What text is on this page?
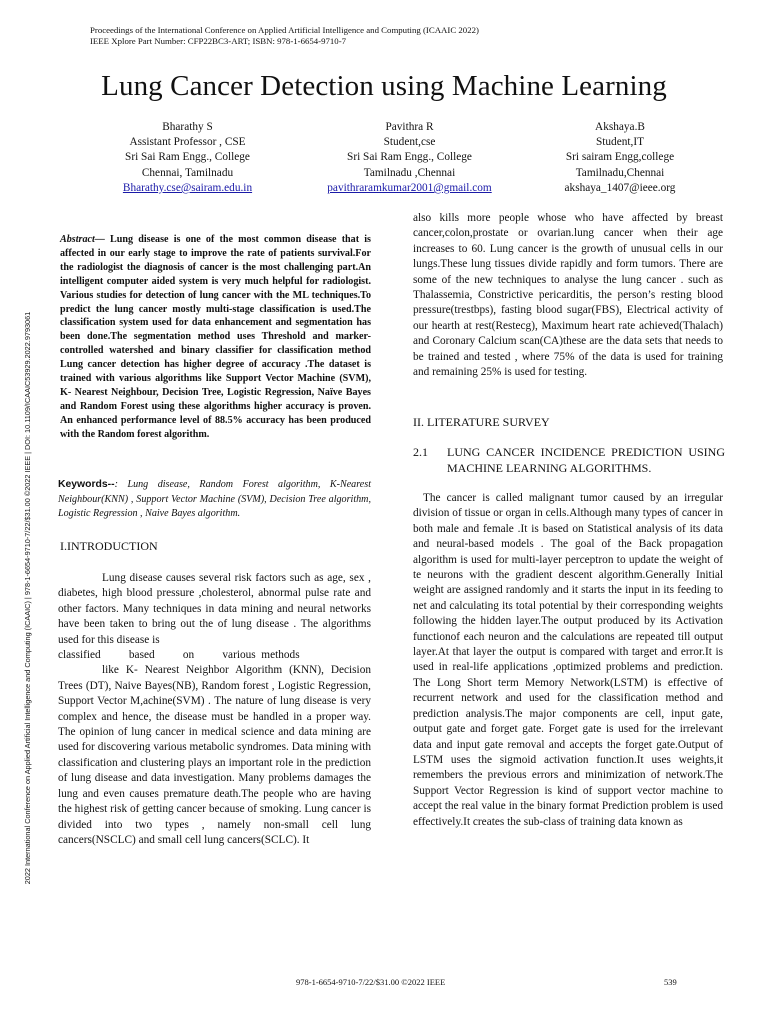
Proceedings of the International Conference on Applied Artificial Intelligence and Computing (ICAAIC 2022)
IEEE Xplore Part Number: CFP22BC3-ART; ISBN: 978-1-6654-9710-7
Lung Cancer Detection using Machine Learning
Bharathy S
Assistant Professor , CSE
Sri Sai Ram Engg., College
Chennai, Tamilnadu
Bharathy.cse@sairam.edu.in
Pavithra R
Student,cse
Sri Sai Ram Engg., College
Tamilnadu ,Chennai
pavithraramkumar2001@gmail.com
Akshaya.B
Student,IT
Sri sairam Engg,college
Tamilnadu,Chennai
akshaya_1407@ieee.org
2022 International Conference on Applied Artificial Intelligence and Computing (ICAAIC) | 978-1-6654-9710-7/22/$31.00 ©2022 IEEE | DOI: 10.1109/ICAAIC53929.2022.9793061
Abstract— Lung disease is one of the most common disease that is affected in our early stage to improve the rate of patients survival.For the radiologist the diagnosis of cancer is the most challenging part.An intelligent computer aided system is very much helpful for radiologist. Various studies for detection of lung cancer with the ML techniques.To predict the lung cancer mostly multi-stage classification is used.The classification system used for data enhancement and segmentation has been done.The segmentation method uses Threshold and marker-controlled watershed and binary classifier for classification method Lung cancer detection has higher degree of accuracy .The dataset is trained with various algorithms like Support Vector Machine (SVM), K- Nearest Neighbour, Decision Tree, Logistic Regression, Naïve Bayes and Random Forest using these algorithms higher accuracy is proven. An enhanced performance level of 88.5% accuracy has been produced with the Random forest algorithm.
Keywords--: Lung disease, Random Forest algorithm, K-Nearest Neighbour(KNN) , Support Vector Machine (SVM), Decision Tree algorithm, Logistic Regression , Naive Bayes algorithm.
I.INTRODUCTION

Lung disease causes several risk factors such as age, sex , diabetes, high blood pressure ,cholesterol, abnormal pulse rate and other factors. Many techniques in data mining and neural networks have been taken to bring out the of lung disease . The algorithms used for this disease is

classified          based          on          various  methods

like K- Nearest Neighbor Algorithm (KNN), Decision Trees (DT), Naive Bayes(NB), Random forest , Logistic Regression, Support Vector M,achine(SVM) . The nature of lung disease is very complex and hence, the disease must be handled in a proper way. The opinion of lung cancer in medical science and data mining are used for discovering various metabolic syndromes. Data mining with classification and clustering plays an important role in the prediction of lung disease and data investigation. Many problems damages the lung and even causes premature death.The people who are having the highest risk of getting cancer because of smoking. Lung cancer is divided into two types , namely non-small cell lung cancers(NSCLC) and small cell lung cancers(SCLC). It

also kills more people whose who have affected by breast cancer,colon,prostate or ovarian.lung cancer when their age increases to 60. Lung cancer is the growth of unusual cells in our lungs.These lung tissues divide rapidly and form tumors. There are some of the new techniques to analyse the lung cancer . such as Thalassemia, Constrictive pericarditis, the person’s resting blood pressure(trestbps), fasting blood sugar(FBS), Electrical activity of our hearth at rest(Restecg), Maximum heart rate achieved(Thalach) and Coronary Calcium scan(CA)these are the data sets that needs to be trained and tested , where 75% of the data is used for training and remaining 25% is used for testing.

II. LITERATURE SURVEY
2.1 LUNG CANCER INCIDENCE PREDICTION USING MACHINE LEARNING ALGORITHMS.

The cancer is called malignant tumor caused by an irregular division of tissue or organ in cells.Although many types of cancer in both male and female .It is based on Statistical analysis of its data and neural-based models . The goal of the Back propagation algorithm is used for multi-layer perceptron to update the weight of te neurons with the gradient descent algorithm.Generally Initial weight are assigned randomly and it starts the input in its feeding to net and calculating its total potential by their corresponding weights following the hidden layer.The output produced by its Activation functionof each neuron and the calculations are repeated till output layer.At that layer the output is compared with target and error.It is used in real-life applications ,optimized problems and prediction. The Long Short term Memory Network(LSTM) is effective of recurrent network and used for the classification method and prediction analysis.The major components are cell, input gate, output gate and forget gate. Forget gate is used for the irrelevant data and input gate removal and accepts the forget gate.Output of LSTM uses the sigmoid activation function.It uses weights,it remembers the previous errors and minimization of network.The Support Vector Regression is kind of support vector machine to accept the real value in the binary format Prediction problem is used effectively.It creates the sub-class of training data known as

978-1-6654-9710-7/22/$31.00 ©2022 IEEE	539
